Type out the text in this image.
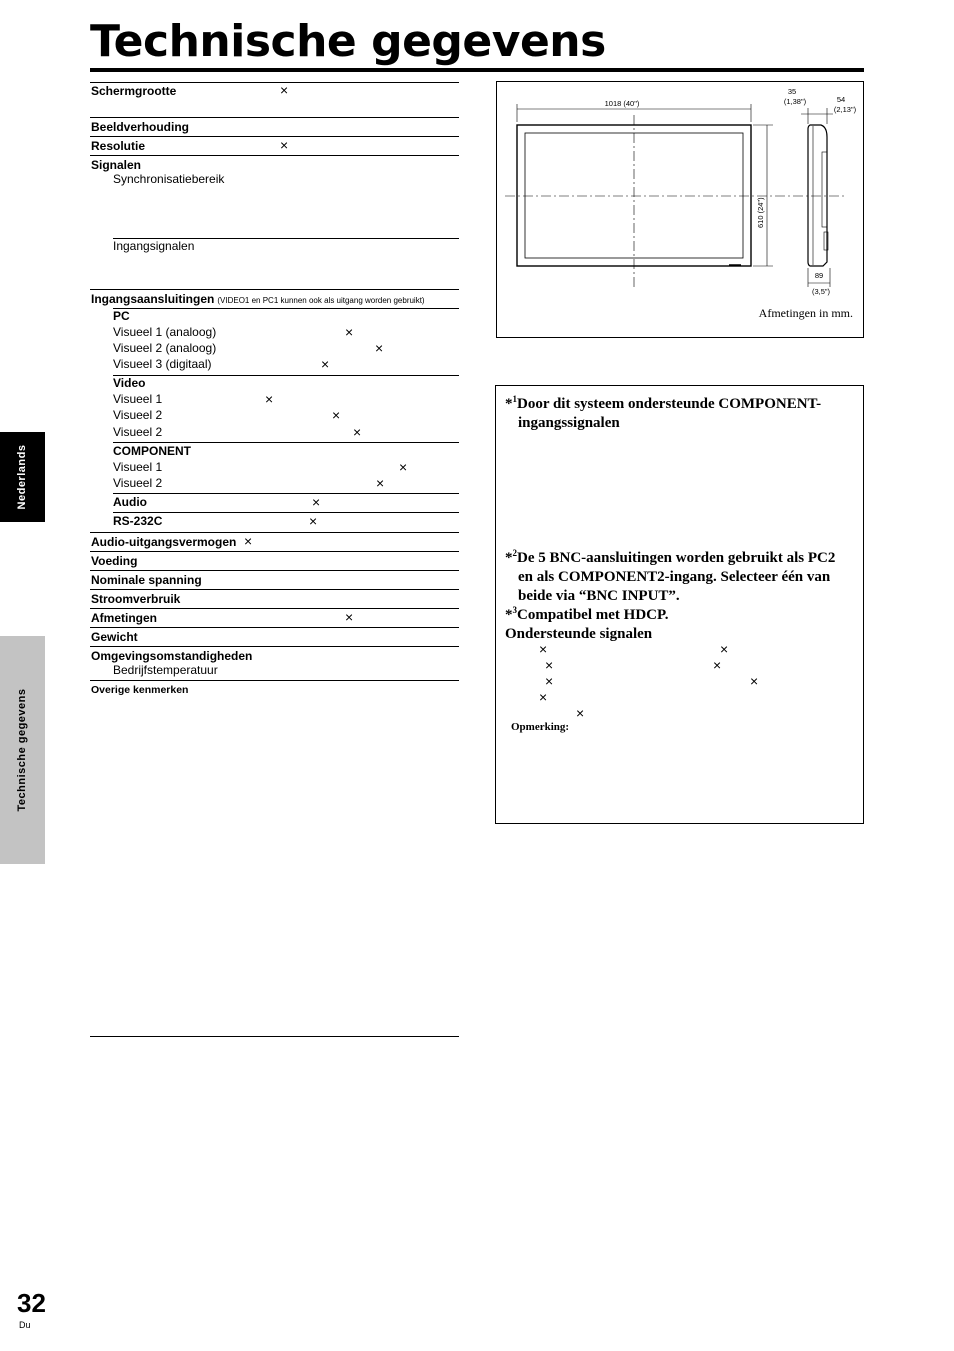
Technische gegevens
Nederlands
Technische gegevens
32
Du
Schermgrootte	×
Beeldverhouding
Resolutie	×
Signalen
Synchronisatiebereik
Ingangsignalen
Ingangsaansluitingen (VIDEO1 en PC1 kunnen ook als uitgang worden gebruikt)
PC
Visueel 1 (analoog)	×
Visueel 2 (analoog)	×
Visueel 3 (digitaal)	×
Video
Visueel 1	×
Visueel 2	×
Visueel 2	×
COMPONENT
Visueel 1	×
Visueel 2	×
Audio	×
RS-232C	×
Audio-uitgangsvermogen ×
Voeding
Nominale spanning
Stroomverbruik
Afmetingen	×
Gewicht
Omgevingsomstandigheden
Bedrijfstemperatuur
Overige kenmerken
1018 (40")
610 (24")
35
(1,38")	54
(2,13")
89
(3,5")
Afmetingen in mm.
*$^1$Door dit systeem ondersteunde COMPONENT-
ingangssignalen
*$^2$De 5 BNC-aansluitingen worden gebruikt als PC2
en als COMPONENT2-ingang. Selecteer één van
beide via “BNC INPUT”.
*$^3$Compatibel met HDCP.
Ondersteunde signalen
×	×
×	×
×	×
×
×
Opmerking:
